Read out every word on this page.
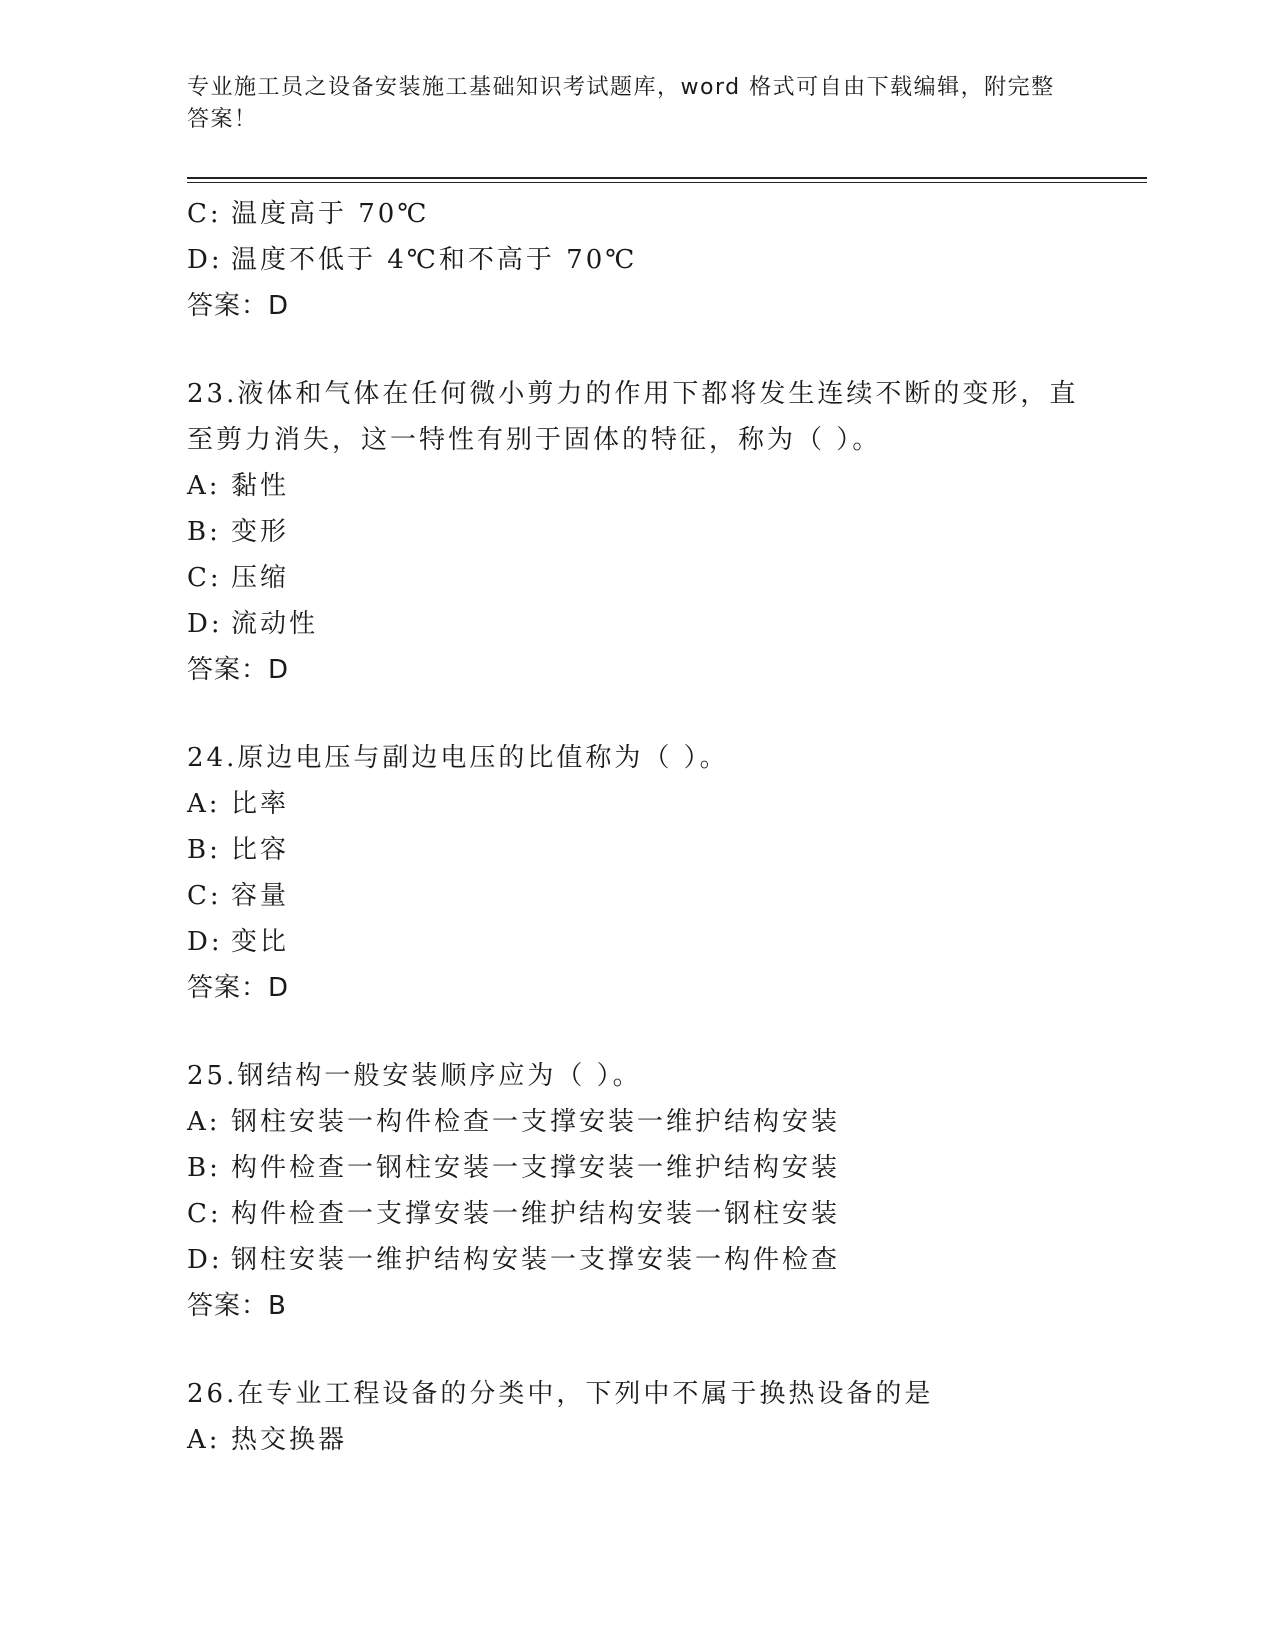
专业施工员之设备安装施工基础知识考试题库，word 格式可自由下载编辑，附完整答案！
C: 温度高于 70℃
D: 温度不低于 4℃和不高于 70℃
答案：D
23.液体和气体在任何微小剪力的作用下都将发生连续不断的变形，直
至剪力消失，这一特性有别于固体的特征，称为（ ）。
A: 黏性
B: 变形
C: 压缩
D: 流动性
答案：D
24.原边电压与副边电压的比值称为（ ）。
A: 比率
B: 比容
C: 容量
D: 变比
答案：D
25.钢结构一般安装顺序应为（ ）。
A: 钢柱安装一构件检查一支撑安装一维护结构安装
B: 构件检查一钢柱安装一支撑安装一维护结构安装
C: 构件检查一支撑安装一维护结构安装一钢柱安装
D: 钢柱安装一维护结构安装一支撑安装一构件检查
答案：B
26.在专业工程设备的分类中，下列中不属于换热设备的是
A: 热交换器
